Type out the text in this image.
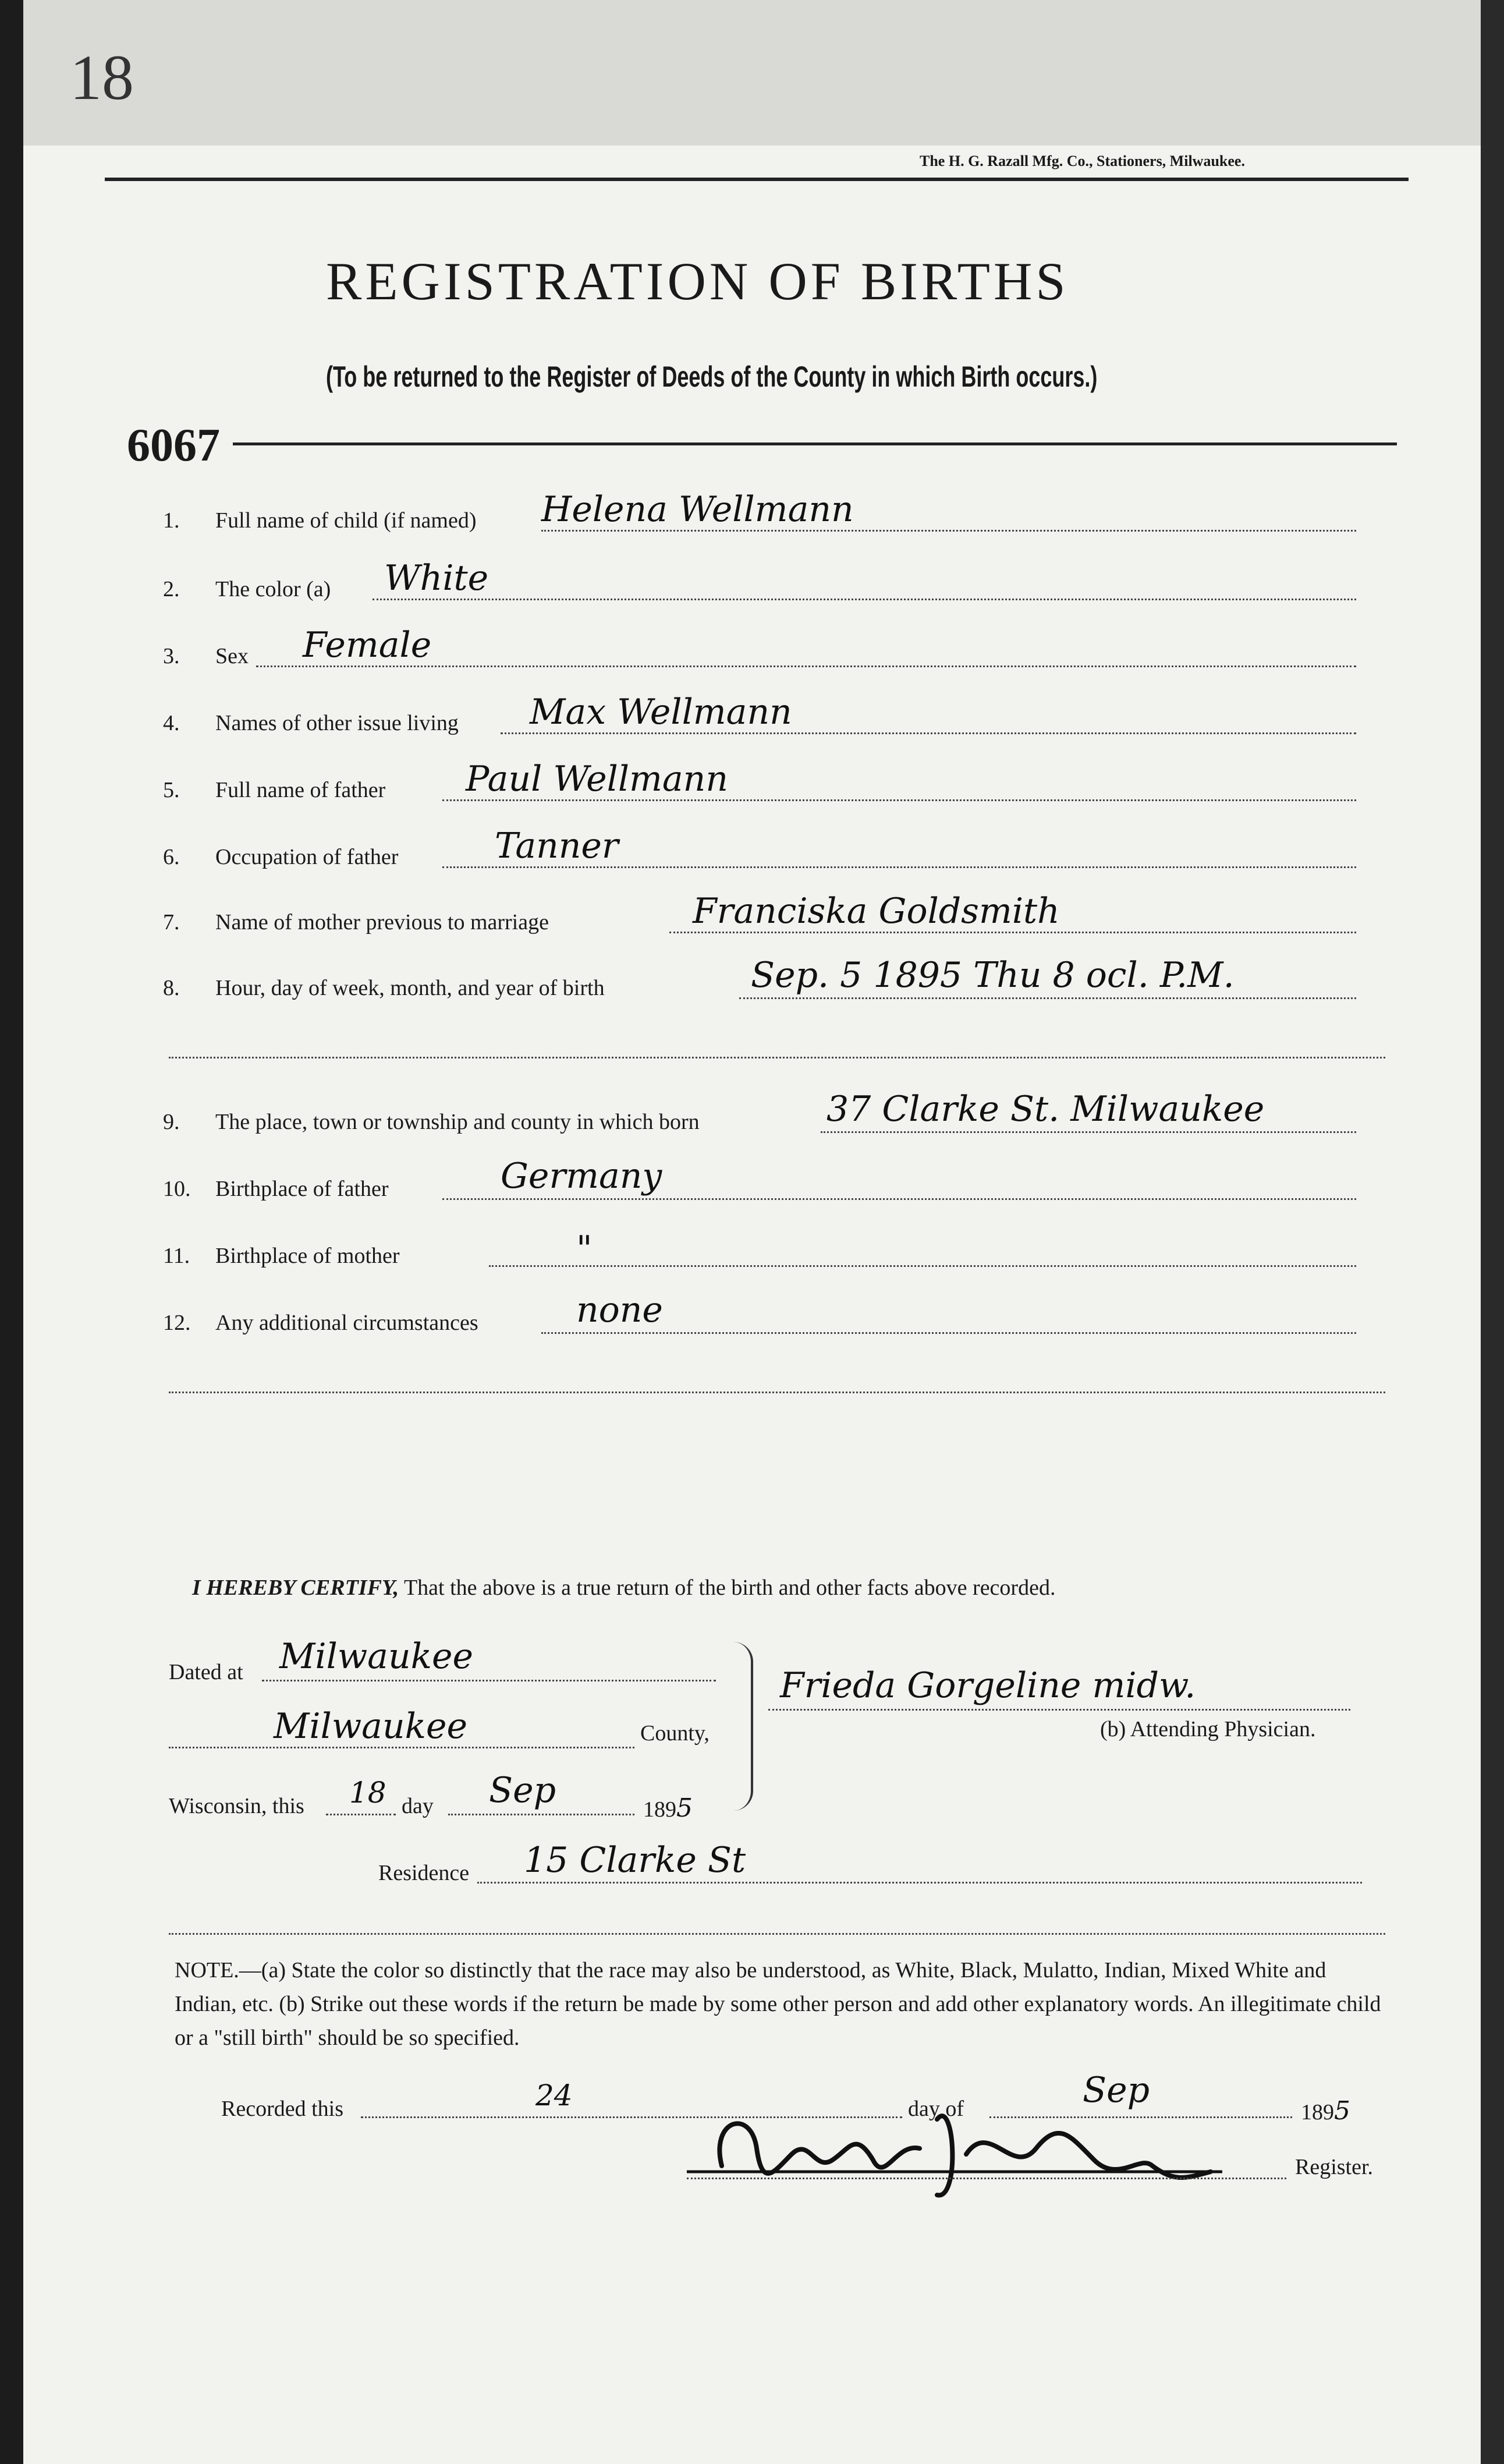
18
The H. G. Razall Mfg. Co., Stationers, Milwaukee.
REGISTRATION OF BIRTHS
(To be returned to the Register of Deeds of the County in which Birth occurs.)
6067
1. Full name of child (if named) Helena Wellmann
2. The color (a) White
3. Sex Female
4. Names of other issue living Max Wellmann
5. Full name of father Paul Wellmann
6. Occupation of father	Tanner
7. Name of mother previous to marriage	Franciska Goldsmith
8. Hour, day of week, month, and year of birth	Sep. 5 1895 Thu 8 ocl. P.M.
9. The place, town or township and county in which born	37 Clarke St. Milwaukee
10. Birthplace of father	Germany
11. Birthplace of mother	"
12. Any additional circumstances	none
I HEREBY CERTIFY, That the above is a true return of the birth and other facts above recorded.
Dated at Milwaukee
Milwaukee	County,
Wisconsin, this 18 day Sep	1895
Frieda Gorgeline midw.
(b) Attending Physician.
Residence 15 Clarke St
NOTE.—(a) State the color so distinctly that the race may also be understood, as White, Black, Mulatto, Indian, Mixed White and Indian, etc. (b) Strike out these words if the return be made by some other person and add other explanatory words. An illegitimate child or a "still birth" should be so specified.
Recorded this	24	day of	Sep
1895
Register.
